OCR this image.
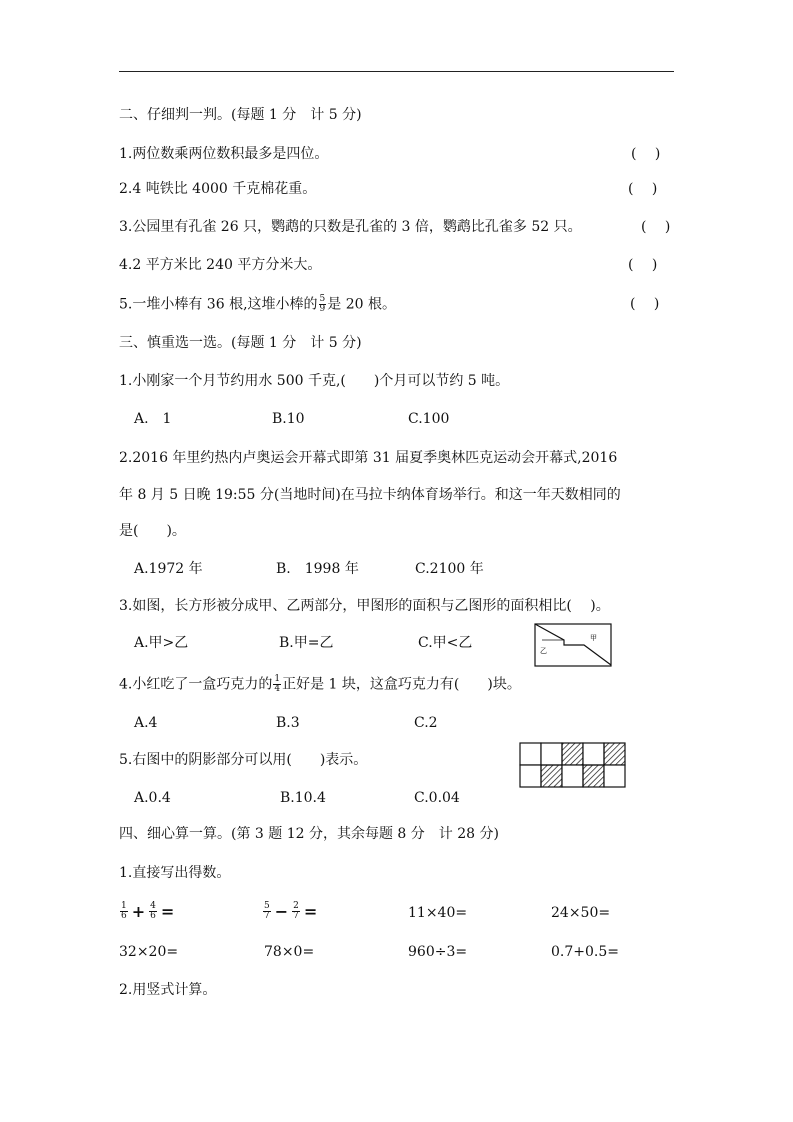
二、仔细判一判。(每题 1 分　计 5 分)
1.两位数乘两位数积最多是四位。	(　 )
2.4 吨铁比 4000 千克棉花重。	(　 )
3.公园里有孔雀 26 只，鹦鹉的只数是孔雀的 3 倍，鹦鹉比孔雀多 52 只。	(　 )
4.2 平方米比 240 平方分米大。	(　 )
5.一堆小棒有 36 根,这堆小棒的 $\frac{5}{9}$ 是 20 根。	(　 )
三、慎重选一选。(每题 1 分　计 5 分)
1.小刚家一个月节约用水 500 千克,(　　)个月可以节约 5 吨。
A.　1	B.10	C.100
2.2016 年里约热内卢奥运会开幕式即第 31 届夏季奥林匹克运动会开幕式,2016
年 8 月 5 日晚 19:55 分(当地时间)在马拉卡纳体育场举行。和这一年天数相同的
是(　　)。
A.1972 年	B.　1998 年	C.2100 年
3.如图，长方形被分成甲、乙两部分，甲图形的面积与乙图形的面积相比(　 )。
A.甲>乙	B.甲=乙	C.甲<乙	乙
甲
4.小红吃了一盒巧克力的 $\frac{1}{4}$ 正好是 1 块，这盒巧克力有(　　)块。
A.4	B.3	C.2
5.右图中的阴影部分可以用(　　)表示。
A.0.4	B.10.4	C.0.04
四、细心算一算。(第 3 题 12 分，其余每题 8 分　计 28 分)
1.直接写出得数。
$\frac{1}{6} + \frac{4}{6}$ =	$\frac{5}{7} - \frac{2}{7}$ =	11×40=	24×50=
32×20=	78×0=	960÷3=	0.7+0.5=
2.用竖式计算。
